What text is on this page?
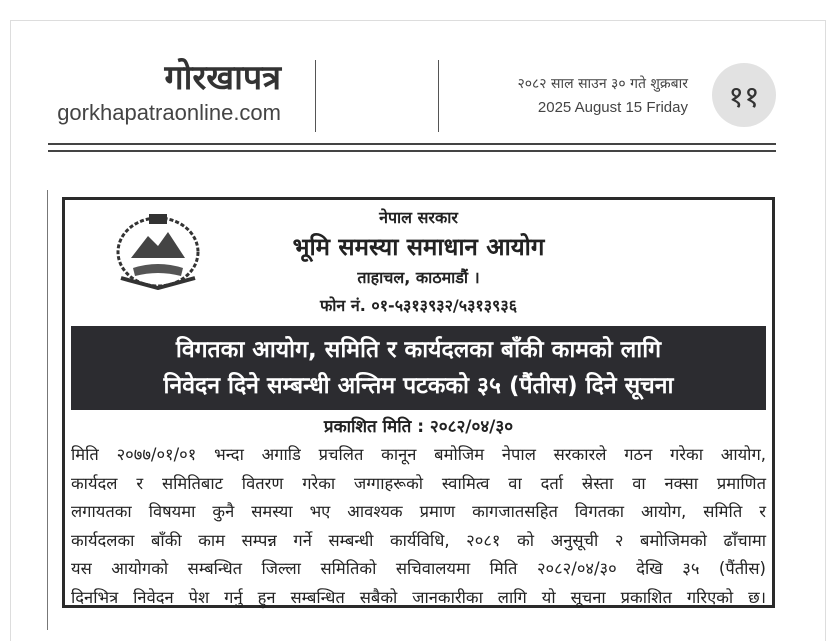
गोरखापत्र
gorkhapatraonline.com
२०८२ साल साउन ३० गते शुक्रबार
2025 August 15 Friday	११
नेपाल सरकार
भूमि समस्या समाधान आयोग
ताहाचल, काठमाडौं ।
फोन नं. ०१-५३१३९३२/५३१३९३६
विगतका आयोग, समिति र कार्यदलका बाँकी कामको लागि
निवेदन दिने सम्बन्धी अन्तिम पटकको ३५ (पैंतीस) दिने सूचना
प्रकाशित मिति : २०८२/०४/३०
मिति २०७७/०१/०१ भन्दा अगाडि प्रचलित कानून बमोजिम नेपाल सरकारले गठन गरेका आयोग,
कार्यदल र समितिबाट वितरण गरेका जग्गाहरूको स्वामित्व वा दर्ता स्रेस्ता वा नक्सा प्रमाणित
लगायतका विषयमा कुनै समस्या भए आवश्यक प्रमाण कागजातसहित विगतका आयोग, समिति र
कार्यदलका बाँकी काम सम्पन्न गर्ने सम्बन्धी कार्यविधि, २०८१ को अनुसूची २ बमोजिमको ढाँचामा
यस आयोगको सम्बन्धित जिल्ला समितिको सचिवालयमा मिति २०८२/०४/३० देखि ३५ (पैंतीस)
दिनभित्र निवेदन पेश गर्नु हुन सम्बन्धित सबैको जानकारीका लागि यो सूचना प्रकाशित गरिएको छ।
